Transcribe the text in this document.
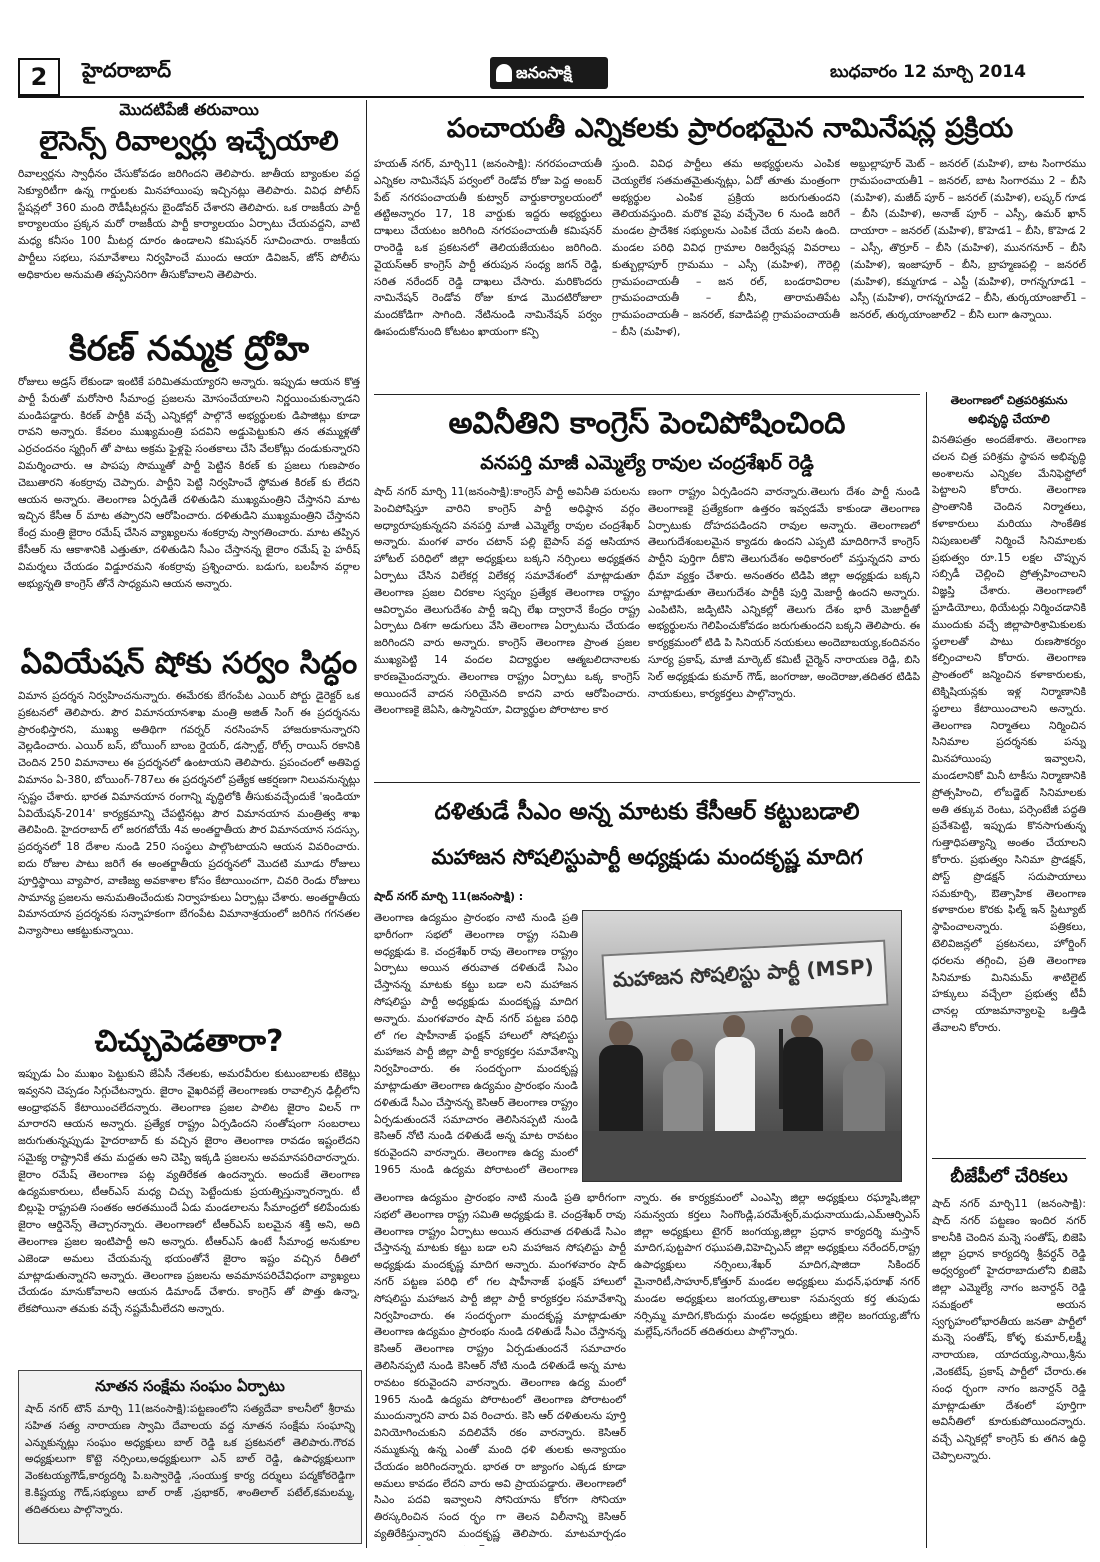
2	హైదరాబాద్	జనంసాక్షి	బుధవారం 12 మార్చి 2014
మొదటిపేజీ తరువాయి
లైసెన్స్ రివాల్వర్లు ఇచ్చేయాలి
రివాల్వర్లను స్వాధీనం చేసుకోవడం జరిగిందని తెలిపారు. జాతీయ బ్యాంకుల వద్ద సెక్యూరిటీగా ఉన్న గార్డులకు మినహాయింపు ఇచ్చినట్లు తెలిపారు. వివిధ పోలీస్ స్టేషన్లలో 360 మంది రౌడీషీటర్లను బైండోవర్ చేశారని తెలిపారు. ఒక రాజకీయ పార్టీ కార్యాలయం ప్రక్కన మరో రాజకీయ పార్టీ కార్యాలయం ఏర్పాటు చేయవద్దని, వాటి మధ్య కనీసం 100 మీటర్ల దూరం ఉండాలని కమిషనర్ సూచించారు. రాజకీయ పార్టీలు సభలు, సమావేశాలు నిర్వహించే ముందు ఆయా డివిజన్, జోన్ పోలీసు అధికారుల అనుమతి తప్పనిసరిగా తీసుకోవాలని తెలిపారు.
కిరణ్ నమ్మక ద్రోహి
రోజులు అడ్రస్ లేకుండా ఇంటికే పరిమితమయ్యారని అన్నారు. ఇప్పుడు ఆయన కొత్త పార్టీ పేరుతో మరోసారి సీమాంధ్ర ప్రజలను మోసంచేయాలని నిర్ణయించుకున్నాడని మండిపడ్డారు. కిరణ్ పార్టీకి వచ్చే ఎన్నికల్లో పాల్గొనే అభ్యర్థులకు డిపాజిట్లు కూడా రావని అన్నారు. కేవలం ముఖ్యమంత్రి పదవిని అడ్డుపెట్టుకుని తన తమ్ముళ్లతో ఎర్రచందనం స్మగ్లింగ్ తో పాటు అక్రమ ఫైళ్లపై సంతకాలు చేసి వేలకోట్లు దండుకున్నారని విమర్శించారు. ఆ పాపపు సొమ్ముతో పార్టీ పెట్టిన కిరణ్ కు ప్రజలు గుణపాఠం చెబుతారని శంకర్రావు చెప్పారు. పార్టీని పెట్టి నిర్వహించే స్థోమత కిరణ్ కు లేదని ఆయన అన్నారు. తెలంగాణ ఏర్పడితే దళితుడిని ముఖ్యమంత్రిని చేస్తానని మాట ఇచ్చిన కేసీఆ ర్ మాట తప్పారని ఆరోపించారు. దళితుడిని ముఖ్యమంత్రిని చేస్తానని కేంద్ర మంత్రి జైరాం రమేష్ చేసిన వ్యాఖ్యలను శంకర్రావు స్వాగతించారు. మాట తప్పిన కేసీఆర్ ను ఆకాశానికి ఎత్తుతూ, దళితుడిని సీఎం చేస్తానన్న జైరాం రమేష్ పై హరీష్ విమర్శలు చేయడం విడ్డూరమని శంకర్రావు ప్రశ్నించారు. బడుగు, బలహీన వర్గాల అభ్యున్నతి కాంగ్రెస్ తోనే సాధ్యమని ఆయన అన్నారు.
ఏవియేషన్ షోకు సర్వం సిద్ధం
విమాన ప్రదర్శన నిర్వహించనున్నారు. ఈమేరకు బేగంపేట ఎయిర్ పోర్టు డైరెక్టర్ ఒక ప్రకటనలో తెలిపారు. పౌర విమానయానశాఖ మంత్రి అజిత్ సింగ్ ఈ ప్రదర్శనను ప్రారంభిస్తారని, ముఖ్య అతిథిగా గవర్నర్ నరసింహన్ హాజరుకానున్నారని వెల్లడించారు. ఎయిర్ బస్, బోయింగ్ బాంబ ర్డెయర్, డస్సాల్ట్, రోల్స్ రాయిస్ రకానికి చెందిన 250 విమానాలు ఈ ప్రదర్శనలో ఉంటాయని తెలిపారు. ప్రపంచంలో అతిపెద్ద విమానం ఏ-380, బోయింగ్-787లు ఈ ప్రదర్శనలో ప్రత్యేక ఆకర్షణగా నిలువనున్నట్లు స్పష్టం చేశారు. భారత విమానయాన రంగాన్ని వృద్ధిలోకి తీసుకువచ్చేందుకే 'ఇండియా ఏవియేషన్-2014' కార్యక్రమాన్ని చేపట్టినట్లు పౌర విమానయాన మంత్రిత్వ శాఖ తెలిపింది. హైదరాబాద్ లో జరగబోయే 4వ అంతర్జాతీయ పౌర విమానయాన సదస్సు, ప్రదర్శనలో 18 దేశాల నుండి 250 సంస్థలు పాల్గొంటాయని ఆయన వివరించారు. ఐదు రోజుల పాటు జరిగే ఈ అంతర్జాతీయ ప్రదర్శనలో మొదటి మూడు రోజులు పూర్తిస్థాయి వ్యాపార, వాణిజ్య అవకాశాల కోసం కేటాయించగా, చివరి రెండు రోజులు సామాన్య ప్రజలను అనుమతించేందుకు నిర్వాహకులు ఏర్పాట్లు చేశారు. అంతర్జాతీయ విమానయాన ప్రదర్శనకు సన్నాహకంగా బేగంపేట విమానాశ్రయంలో జరిగిన గగనతల విన్యాసాలు ఆకట్టుకున్నాయి.
చిచ్చుపెడతారా?
ఇప్పుడు ఏం ముఖం పెట్టుకుని జేఏసీ నేతలకు, అమరవీరుల కుటుంబాలకు టికెట్లు ఇవ్వనని చెప్పడం సిగ్గుచేటన్నారు. జైరాం వైఖరివల్లే తెలంగాణకు రావాల్సిన ఢిల్లీలోని ఆంధ్రాభవన్ కేటాయించలేదన్నారు. తెలంగాణ ప్రజల పాలిట జైరాం విలన్ గా మారారని ఆయన అన్నారు. ప్రత్యేక రాష్ట్రం ఏర్పడిందని సంతోషంగా సంబరాలు జరుగుతున్నప్పుడు హైదరాబాద్ కు వచ్చిన జైరాం తెలంగాణ రావడం ఇష్టంలేదని సమైక్య రాష్ట్రానికే తమ మద్దతు అని చెప్పి ఇక్కడి ప్రజలను అవమానపరిచారన్నారు. జైరాం రమేష్ తెలంగాణ పట్ల వ్యతిరేకత ఉందన్నారు. అందుకే తెలంగాణ ఉద్యమకారులు, టీఆర్ఎస్ మధ్య చిచ్చు పెట్టేందుకు ప్రయత్నిస్తున్నారన్నారు. టీ బిల్లుపై రాష్ట్రపతి సంతకం ఆరతముందే ఏడు మండలాలను సీమాంధ్రలో కలిపేందుకు జైరాం ఆర్డినెన్స్ తెచ్చారన్నారు. తెలంగాణలో టీఆర్ఎస్ బలమైన శక్తి అని, అది తెలంగాణ ప్రజల ఇంటిపార్టీ అని అన్నారు. టీఆర్ఎస్ ఉంటే సీమాంధ్ర అనుకూల ఎజెండా అమలు చేయమన్న భయంతోనే జైరాం ఇష్టం వచ్చిన రీతిలో మాట్లాడుతున్నారని అన్నారు. తెలంగాణ ప్రజలను అవమానపరిచేవిధంగా వ్యాఖ్యలు చేయడం మానుకోవాలని ఆయన డిమాండ్ చేశారు. కాంగ్రెస్ తో పొత్తు ఉన్నా, లేకపోయినా తమకు వచ్చే నష్టమేమీలేదని అన్నారు.
నూతన సంక్షేమ సంఘం ఏర్పాటు
షాద్ నగర్ టౌన్ మార్చి 11(జనంసాక్షి):పట్టణంలోని సత్యదేవా కాలనీలో శ్రీరామ సహిత సత్య నారాయణ స్వామి దేవాలయ వద్ద నూతన సంక్షేమ సంఘాన్ని ఎన్నుకున్నట్లు సంఘం అధ్యక్షులు బాల్ రెడ్డి ఒక ప్రకటనలో తెలిపారు.గౌరవ అధ్యక్షులుగా కొట్టె నర్సింలు,అధ్యక్షులుగా ఎన్ బాల్ రెడ్డి, ఉపాధ్యక్షులుగా వెంకటయ్యగౌడ్,కార్యదర్శి పి.బస్వారెడ్డి ,సంయుక్త కార్య దర్శులు పద్మకోఠరెడ్డిగా కె.కిష్టయ్య గౌడ్,సభ్యులు బాల్ రాజ్ ,ప్రభాకర్, శాంతిలాల్ పటేల్,కమలమ్మ, తదితరులు పాల్గొన్నారు.
పంచాయతీ ఎన్నికలకు ప్రారంభమైన నామినేషన్ల ప్రక్రియ
హయత్ నగర్, మార్చి11 (జనంసాక్షి): నగరపంచాయతీ ఎన్నికల నామినేషన్ పర్వంలో రెండోవ రోజు పెద్ద అంబర్ పేట్ నగరపంచాయతీ కుట్వార్ వార్డుకార్యాలయంలో తట్టిఅన్నారం 17, 18 వార్డుకు ఇద్దరు అభ్యర్థులు దాఖలు చేయటం జరిగింది నగరపంచాయతీ కమిషనర్ రాంరెడ్డి ఒక ప్రకటనలో తెలియజేయటం జరిగింది. వైయస్ఆర్ కాంగ్రెస్ పార్టీ తరుపున సంధ్య జగన్ రెడ్డి, సరిత నరేందర్ రెడ్డి దాఖలు చేసారు. మరికొందరు నామినేషన్ రెండోవ రోజు కూడ మొదటిరోజులా మందకోడిగా సాగింది. నేటినుండి నామినేషన్ పర్వం ఊపందుకోనుంది కోటటం ఖాయంగా కన్పి
స్తుంది. వివిధ పార్టీలు తమ అభ్యర్థులను ఎంపిక చెయ్యలేక సతమతమైతున్నట్లు, ఏదో తూతు మంత్రంగా అభ్యర్థుల ఎంపిక ప్రక్రియ జరుగుతుందని తెలియవస్తుంది. మరొక వైపు వచ్చేనెల 6 నుండి జరిగే మండల ప్రాదేశిక సభ్యులను ఎంపిక చేయ వలసి ఉంది. మండల పరిధి వివిధ గ్రామాల రిజర్వేషన్ల వివరాలు కుత్బుల్లాపూర్ గ్రామము – ఎస్సీ (మహిళ), గౌరెల్లి గ్రామపంచాయతీ – జన రల్, బండరావిరాల గ్రామపంచాయతీ – బీసి, తారామతిపేట గ్రామపంచాయతీ – జనరల్, కవాడిపల్లి గ్రామపంచాయతీ – బీసి (మహిళ),
అబ్దుల్లాపూర్ మెట్ – జనరల్ (మహిళ), బాట సింగారము గ్రామపంచాయతీ1 – జనరల్, బాట సింగారము 2 – బీసి (మహిళ), మజీద్ పూర్ – జనరల్ (మహిళ), లష్కర్ గూడ – బీసి (మహిళ), అనాజ్ పూర్ – ఎస్సీ, ఉమర్ ఖాన్ దాయారా – జనరల్ (మహిళ), కొహెడ1 – బీసి, కొహెడ 2 – ఎస్సీ, తొర్రూర్ – బీసి (మహిళ), మునగనూర్ – బీసి (మహిళ), ఇంజాపూర్ – బీసి, బ్రాహ్మణపల్లి – జనరల్ (మహిళ), కమ్మగూడ – ఎస్టీ (మహిళ), రాగన్నగూడ1 – ఎస్సీ (మహిళ), రాగన్నగూడ2 – బీసి, తుర్కయాంజాల్1 – జనరల్, తుర్కయాంజాల్2 – బీసి లుగా ఉన్నాయి.
అవినీతిని కాంగ్రెస్ పెంచిపోషించింది
వనపర్తి మాజీ ఎమ్మెల్యే రావుల చంద్రశేఖర్ రెడ్డి
షాద్ నగర్ మార్చి 11(జనంసాక్షి):కాంగ్రెస్ పార్టీ అవినీతి పరులను పెంచిపోషిస్తూ వారిని కాంగ్రెస్ పార్టీ అధిష్ఠాన వర్గం అధ్యారూపుకున్నదని వనపర్తి మాజీ ఎమ్మెల్యే రావుల చంద్రశేఖర్ అన్నారు. మంగళ వారం చటాన్ పల్లి బైపాస్ వద్ద ఆసియాన హోటల్ పరిధిలో జిల్లా అధ్యక్షులు బక్కని నర్సింలు అధ్యక్షతన ఏర్పాటు చేసిన విలేకర్ల విలేకర్ల సమావేశంలో మాట్లాడుతూ తెలంగాణ ప్రజల చిరకాల స్వప్నం ప్రత్యేక తెలంగాణ రాష్ట్రం ఆవిర్భావం తెలుగుదేశం పార్టీ ఇచ్చి లేఖ ద్వారానే కేంద్రం రాష్ట్ర ఏర్పాటు దిశగా అడుగులు వేసి తెలంగాణ ఏర్పాటును చేయడం జరిగిందని వారు అన్నారు. కాంగ్రెస్ తెలంగాణ ప్రాంత ప్రజల ముఖ్యపెట్టి 14 వందల విద్యార్థుల ఆత్మబలిదానాలకు కారణమైందన్నారు. తెలంగాణ రాష్ట్రం ఏర్పాటు ఒక్క కాంగ్రెస్ అయిందనే వాదన సరియైనది కాదని వారు ఆరోపించారు. తెలంగాణకై జెఏసి, ఉస్మానియా, విద్యార్థుల పోరాటాల కార
ణంగా రాష్ట్రం ఏర్పడిందని వారన్నారు.తెలుగు దేశం పార్టీ నుండి తెలంగాణకై ప్రత్యేకంగా ఉత్తరం ఇవ్వడమే కాకుండా తెలంగాణ ఏర్పాటుకు దోహదపడిందని రావుల అన్నారు. తెలంగాణలో తెలుగుదేశంబలమైన క్యాడరు ఉందని ఎప్పటి మాదిరిగానే కాంగ్రెస్ పార్టీని పుర్తిగా దీకొని తెలుగుదేశం అధికారంలో వస్తున్నదని వారు ధీమా వ్యక్తం చేశారు. అనంతరం టిడిపి జిల్లా అధ్యక్షుడు బక్కని మాట్లాడుతూ తెలుగుదేశం పార్టీకి పుర్తి మెజార్టీ ఉందని అన్నారు. ఎంపిటిసి, జడ్పిటిసి ఎన్నికల్లో తెలుగు దేశం భారీ మెజార్టీతో అభ్యర్థులను గెలిపించుకోవడం జరుగుతుందని బక్కని తెలిపారు. ఈ కార్యక్రమంలో టిడి పి సినియర్ నయకులు అందెబాబయ్య,కందివనం సూర్య ప్రకాష్, మాజీ మార్కెట్ కమిటీ చైర్మెన్ నారాయణ రెడ్డి, బిసి సెల్ అధ్యక్షుడు కుమార్ గౌడ్, జంగరాజు, అందెరాజు,తదితర టిడిపి నాయకులు, కార్యకర్తలు పాల్గొన్నారు.
దళితుడే సీఎం అన్న మాటకు కేసీఆర్ కట్టుబడాలి
మహాజన సోషలిస్టుపార్టీ అధ్యక్షుడు మందకృష్ణ మాదిగ
షాద్ నగర్ మార్చి 11(జనంసాక్షి) :
తెలంగాణ ఉద్యమం ప్రారంభం నాటి నుండి ప్రతి భారీగంగా సభలో తెలంగాణ రాష్ట్ర సమితి అధ్యక్షుడు కె. చంద్రశేఖర్ రావు తెలంగాణ రాష్ట్రం ఏర్పాటు అయిన తరువాత దళితుడే సిఎం చేస్తానన్న మాటకు కట్టు బడా లని మహాజన సోషలిస్టు పార్టీ అధ్యక్షుడు మందకృష్ణ మాదిగ అన్నారు. మంగళవారం షాద్ నగర్ పట్టణ పరిధి లో గల షాహీనాజ్ ఫంక్షన్ హాలులో సోషలిస్టు మహాజన పార్టీ జిల్లా పార్టీ కార్యకర్తల సమావేశాన్ని నిర్వహించారు. ఈ సందర్భంగా మందకృష్ణ మాట్లాడుతూ తెలంగాణ ఉద్యమం ప్రారంభం నుండి దళితుడే సీఎం చేస్తానన్న కెసిఆర్ తెలంగాణ రాష్ట్రం ఏర్పడుతుందనే సమాచారం తెలిసినప్పటి నుండి కెసిఆర్ నోటి నుండి దళితుడే అన్న మాట రావటం కరువైందని వారన్నారు. తెలంగాణ ఉద్య మంలో 1965 నుండి ఉద్యమ పోరాటంలో తెలంగాణ
మహాజన సోషలిస్టు పార్టీ (MSP)
తెలంగాణ ఉద్యమం ప్రారంభం నాటి నుండి ప్రతి భారీగంగా సభలో తెలంగాణ రాష్ట్ర సమితి అధ్యక్షుడు కె. చంద్రశేఖర్ రావు తెలంగాణ రాష్ట్రం ఏర్పాటు అయిన తరువాత దళితుడే సిఎం చేస్తానన్న మాటకు కట్టు బడా లని మహాజన సోషలిస్టు పార్టీ అధ్యక్షుడు మందకృష్ణ మాదిగ అన్నారు. మంగళవారం షాద్ నగర్ పట్టణ పరిధి లో గల షాహీనాజ్ ఫంక్షన్ హాలులో సోషలిస్టు మహాజన పార్టీ జిల్లా పార్టీ కార్యకర్తల సమావేశాన్ని నిర్వహించారు. ఈ సందర్భంగా మందకృష్ణ మాట్లాడుతూ తెలంగాణ ఉద్యమం ప్రారంభం నుండి దళితుడే సీఎం చేస్తానన్న కెసిఆర్ తెలంగాణ రాష్ట్రం ఏర్పడుతుందనే సమాచారం తెలిసినప్పటి నుండి కెసిఆర్ నోటి నుండి దళితుడే అన్న మాట రావటం కరువైందని వారన్నారు. తెలంగాణ ఉద్య మంలో 1965 నుండి ఉద్యమ పోరాటంలో తెలంగాణ పోరాటంలో ముందున్నారని వారు వివ రించారు. కెసి ఆర్ దళితులను పూర్తి వినియోగించుకుని వదిలివేసే రకం వారన్నారు. కెసిఆర్ నమ్ముకున్న ఉన్న ఎంతో మంది ధళి తులకు అన్యాయం చేయడం జరిగిందన్నారు. భారత రా జ్యాంగం ఎక్కడ కూడా అమలు కావడం లేదని వారు అవి ప్రాయపడ్డారు. తెలంగాణలో సిఎం పదవి ఇవ్వాలని సోనియాను కోరగా సోనియా తిరస్కరించిన సంద ర్భం గా తెలన విలీనాన్ని కెసిఆర్ వ్యతిరేకిస్తున్నారని మందకృష్ణ తెలిపారు. మాటమార్చడం
న్నారు. ఈ కార్యక్రమంలో ఎంఎస్పి జిల్లా అధ్యక్షులు రఘ్మాషి,జిల్లా సమన్వయ కర్తలు సింగొండ్లి,పరమేశ్వర్,మధునాయుడు,ఎమ్ఆర్పిఎస్ జిల్లా అధ్యక్షులు టైగర్ జంగయ్య,జిల్లా ప్రధాన కార్యదర్శి మస్తాన్ మాదిగ,పుట్టపాగ రఘుపతి,విహెచ్పిఎస్ జిల్లా అధ్యక్షులు నరేందర్,రాష్ట్ర ఉపాధ్యక్షులు నర్సింలు,శేఖర్ మాదిగ,షాజిదా సికిందర్ మైనారిటీ,సాహూర్,కోత్తూర్ మండల అధ్యక్షులు మధన్,ఫరూఖ్ నగర్ మండల అధ్యక్షులు జంగయ్య,తాలుకా సమన్వయ కర్త తుపుడు నర్సిమ్మ మాదిగ,కొందుర్గు మండల అధ్యక్షులు జిల్లెల జంగయ్య,జోగు మల్లేష్,నగేందర్ తదితరులు పాల్గొన్నారు.
తెలంగాణలో చిత్రపరిశ్రమను
అభివృద్ధి చేయాలి
వినతిపత్రం అందజేశారు. తెలంగాణ చలన చిత్ర పరిశ్రమ స్థాపన అభివృద్ధి అంశాలను ఎన్నికల మేనిఫెస్టోలో పెట్టాలని కోరారు. తెలంగాణ ప్రాంతానికి చెందిన నిర్మాతలు, కళాకారులు మరియు సాంకేతిక నిపుణులతో నిర్మించే సినిమాలకు ప్రభుత్వం రూ.15 లక్షల చొప్పున సబ్సిడీ చెల్లించి ప్రోత్సహించాలని విజ్ఞప్తి చేశారు. తెలంగాణలో స్టూడియోలు, థియేటర్లు నిర్మించడానికి ముందుకు వచ్చే జిల్లాపారిశ్రామికులకు స్థలాలతో పాటు రుణసౌకర్యం కల్పించాలని కోరారు. తెలంగాణ ప్రాంతంలో జన్మించిన కళాకారులకు, టెక్నిషియన్లకు ఇళ్ల నిర్మాణానికి స్థలాలు కేటాయించాలని అన్నారు. తెలంగాణ నిర్మాతలు నిర్మించిన సినిమాల ప్రదర్శనకు పన్ను మినహాయింపు ఇవ్వాలని, మండలానికో మినీ టాకీసు నిర్మాణానికి ప్రోత్సహించి, లోబడ్జెట్ సినిమాలకు అతి తక్కువ రెంటు, పర్సెంటేజీ పద్ధతి ప్రవేశపెట్టి, ఇప్పుడు కొనసాగుతున్న గుత్తాధిపత్యాన్ని అంతం చేయాలని కోరారు. ప్రభుత్వం సినిమా ప్రొడక్షన్, పోస్ట్ ప్రొడక్షన్ సదుపాయాలు సమకూర్చి, ఔత్సాహిక తెలంగాణ కళాకారుల కొరకు ఫిల్మ్ ఇన్ స్టిట్యూట్ స్థాపించాలన్నారు. పత్రికలు, టెలివిజన్లలో ప్రకటనలు, హోర్డింగ్ ధరలను తగ్గించి, ప్రతి తెలంగాణ సినిమాకు మినిమమ్ శాటిలైట్ హక్కులు వచ్చేలా ప్రభుత్వ టీవీ చానల్ల యాజమాన్యాలపై ఒత్తిడి తేవాలని కోరారు.
బీజేపీలో చేరికలు
షాద్ నగర్ మార్చి11 (జనంసాక్షి): షాద్ నగర్ పట్టణం ఇందిర నగర్ కాలనీకి చెందిన మన్నె సంతోష్, బిజెపి జిల్లా ప్రధాన కార్యదర్శి శ్రీవర్ధన్ రెడ్డి అధ్వర్యంలో హైదరాబాదులోని బిజెపి జిల్లా ఎమ్మెల్యే నాగం జనార్దన్ రెడ్డి సమక్షంలో అయన స్వగృహంలోభారతీయ జనతా పార్టీలో మన్నె సంతోష్, కోళ్ళ కుమార్,లక్ష్మీ నారాయణ, యాదయ్య,సాయి,శ్రీను ,వెంకటేష్, ప్రకాష్ పార్టీలో చేరారు.ఈ సంధ ర్భంగా నాగం జనార్దన్ రెడ్డి మాట్లాడుతూ దేశంలో పూర్తిగా అవినీతిలో కూరుకుపోయిందన్నారు. వచ్చే ఎన్నికల్లో కాంగ్రెస్ కు తగిన ఉద్ధి చెప్పాలన్నారు.
